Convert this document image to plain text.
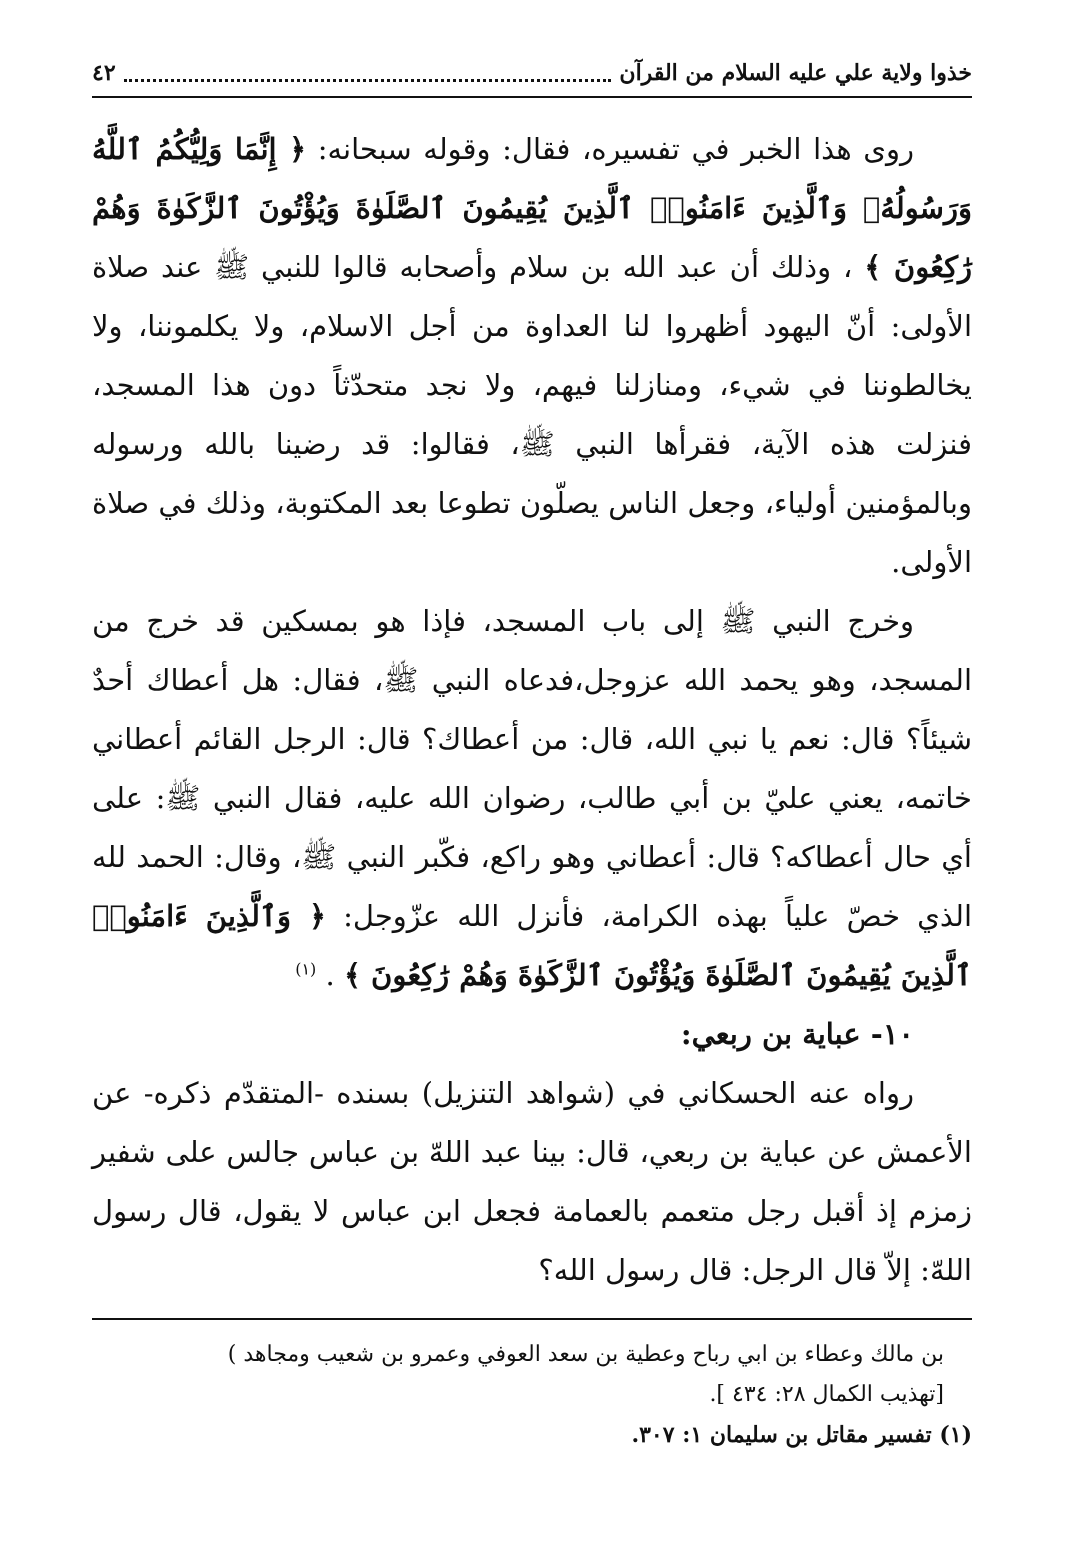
خذوا ولاية علي عليه السلام من القرآن
٤٢

روى هذا الخبر في تفسيره، فقال: وقوله سبحانه: ﴿ إِنَّمَا وَلِيُّكُمُ ٱللَّهُ وَرَسُولُهُۥ وَٱلَّذِينَ ءَامَنُوا۟ ٱلَّذِينَ يُقِيمُونَ ٱلصَّلَوٰةَ وَيُؤْتُونَ ٱلزَّكَوٰةَ وَهُمْ رَٰكِعُونَ ﴾ ، وذلك أن عبد الله بن سلام وأصحابه قالوا للنبي ﷺ عند صلاة الأولى: أنّ اليهود أظهروا لنا العداوة من أجل الاسلام، ولا يكلموننا، ولا يخالطوننا في شيء، ومنازلنا فيهم، ولا نجد متحدّثاً دون هذا المسجد، فنزلت هذه الآية، فقرأها النبي ﷺ، فقالوا: قد رضينا بالله ورسوله وبالمؤمنين أولياء، وجعل الناس يصلّون تطوعا بعد المكتوبة، وذلك في صلاة الأولى.

وخرج النبي ﷺ إلى باب المسجد، فإذا هو بمسكين قد خرج من المسجد، وهو يحمد الله عزوجل،فدعاه النبي ﷺ، فقال: هل أعطاك أحدٌ شيئاً؟ قال: نعم يا نبي الله، قال: من أعطاك؟ قال: الرجل القائم أعطاني خاتمه، يعني عليّ بن أبي طالب، رضوان الله عليه، فقال النبي ﷺ: على أي حال أعطاكه؟ قال: أعطاني وهو راكع، فكّبر النبي ﷺ، وقال: الحمد لله الذي خصّ علياً بهذه الكرامة، فأنزل الله عزّوجل: ﴿ وَٱلَّذِينَ ءَامَنُوا۟ ٱلَّذِينَ يُقِيمُونَ ٱلصَّلَوٰةَ وَيُؤْتُونَ ٱلزَّكَوٰةَ وَهُمْ رَٰكِعُونَ ﴾ . $^{(١)}$

١٠- عباية بن ربعي:

رواه عنه الحسكاني في (شواهد التنزيل) بسنده -المتقدّم ذكره- عن الأعمش عن عباية بن ربعي، قال: بينا عبد اللهّ بن عباس جالس على شفير زمزم إذ أقبل رجل متعمم بالعمامة فجعل ابن عباس لا يقول، قال رسول اللهّ: إلاّ قال الرجل: قال رسول الله؟

بن مالك وعطاء بن ابي رباح وعطية بن سعد العوفي وعمرو بن شعيب ومجاهد )

[تهذيب الكمال ٢٨: ٤٣٤ ].

(١) تفسير مقاتل بن سليمان ١: ٣٠٧.
